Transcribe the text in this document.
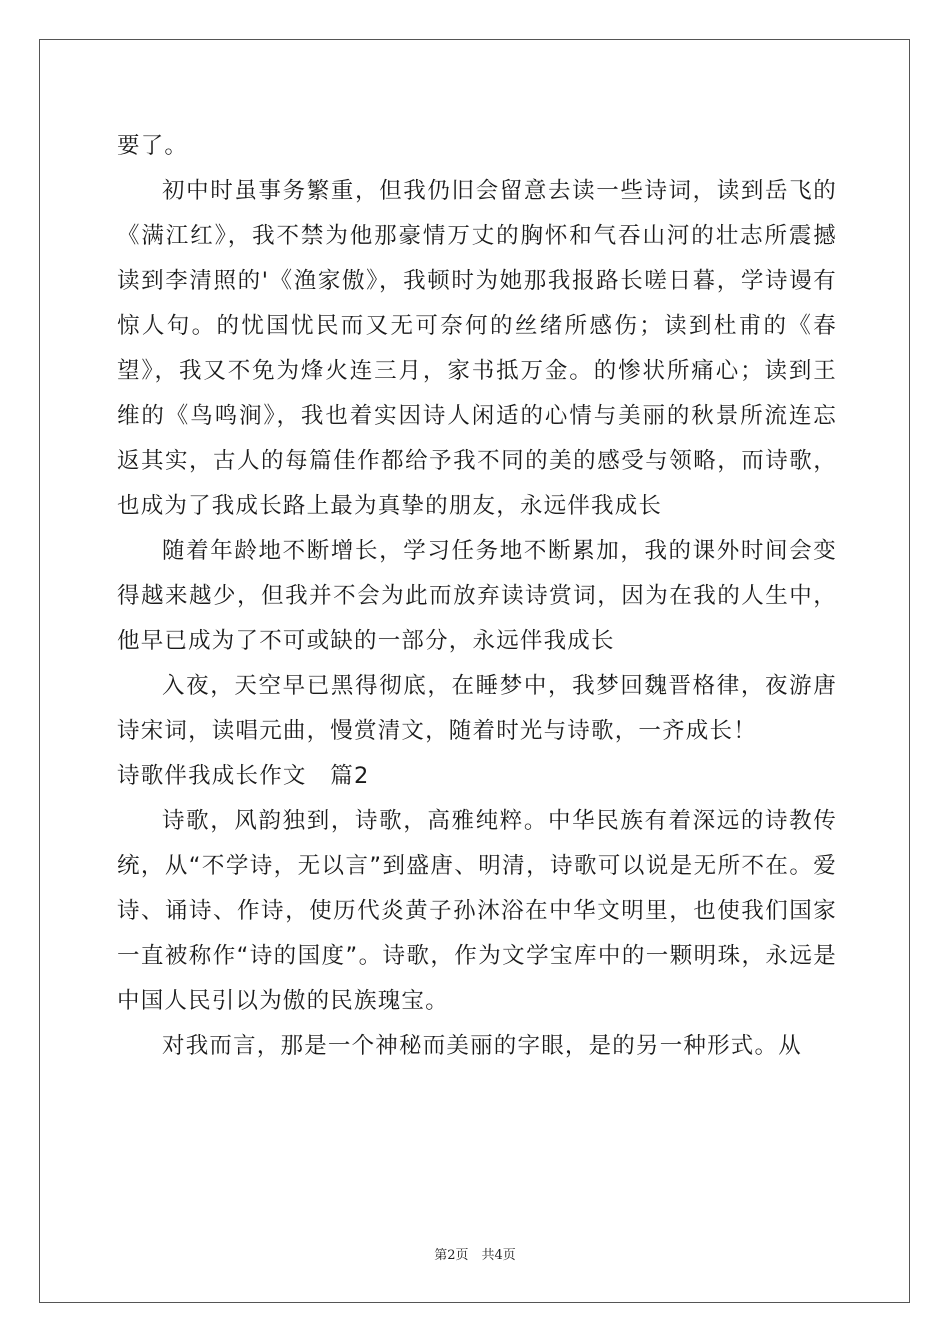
要了。

初中时虽事务繁重，但我仍旧会留意去读一些诗词，读到岳飞的《满江红》，我不禁为他那豪情万丈的胸怀和气吞山河的壮志所震撼读到李清照的'《渔家傲》，我顿时为她那我报路长嗟日暮，学诗谩有惊人句。的忧国忧民而又无可奈何的丝绪所感伤；读到杜甫的《春望》，我又不免为烽火连三月，家书抵万金。的惨状所痛心；读到王维的《鸟鸣涧》，我也着实因诗人闲适的心情与美丽的秋景所流连忘返其实，古人的每篇佳作都给予我不同的美的感受与领略，而诗歌，也成为了我成长路上最为真挚的朋友，永远伴我成长

随着年龄地不断增长，学习任务地不断累加，我的课外时间会变得越来越少，但我并不会为此而放弃读诗赏词，因为在我的人生中，他早已成为了不可或缺的一部分，永远伴我成长

入夜，天空早已黑得彻底，在睡梦中，我梦回魏晋格律，夜游唐诗宋词，读唱元曲，慢赏清文，随着时光与诗歌，一齐成长！

诗歌伴我成长作文　篇2

诗歌，风韵独到，诗歌，高雅纯粹。中华民族有着深远的诗教传统，从“不学诗，无以言”到盛唐、明清，诗歌可以说是无所不在。爱诗、诵诗、作诗，使历代炎黄子孙沐浴在中华文明里，也使我们国家一直被称作“诗的国度”。诗歌，作为文学宝库中的一颗明珠，永远是中国人民引以为傲的民族瑰宝。

对我而言，那是一个神秘而美丽的字眼，是的另一种形式。从

第2页　共4页
